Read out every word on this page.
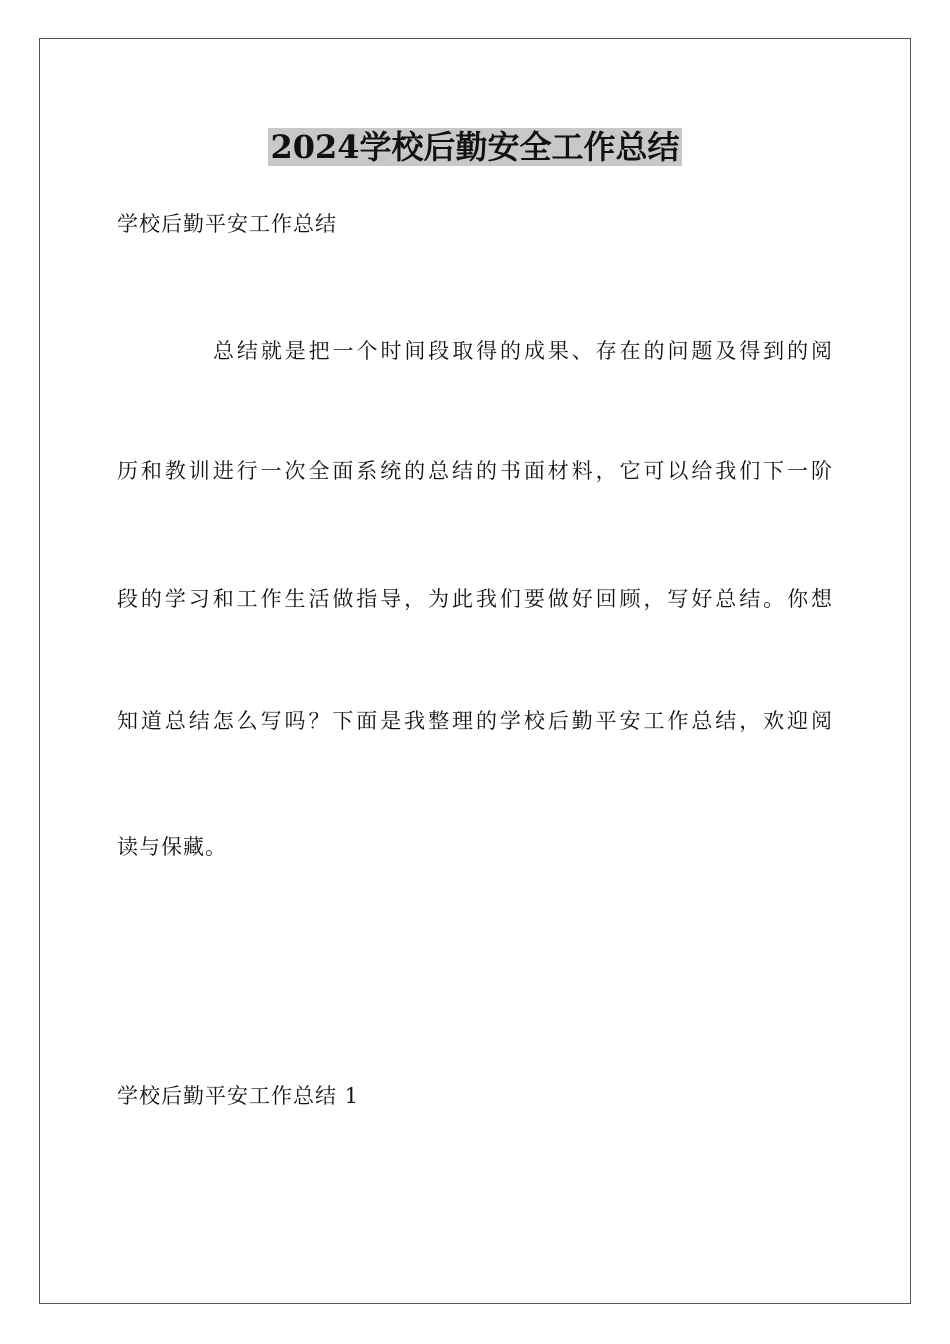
2024学校后勤安全工作总结

学校后勤平安工作总结

总结就是把一个时间段取得的成果、存在的问题及得到的阅

历和教训进行一次全面系统的总结的书面材料，它可以给我们下一阶

段的学习和工作生活做指导，为此我们要做好回顾，写好总结。你想

知道总结怎么写吗？下面是我整理的学校后勤平安工作总结，欢迎阅

读与保藏。

学校后勤平安工作总结 1
